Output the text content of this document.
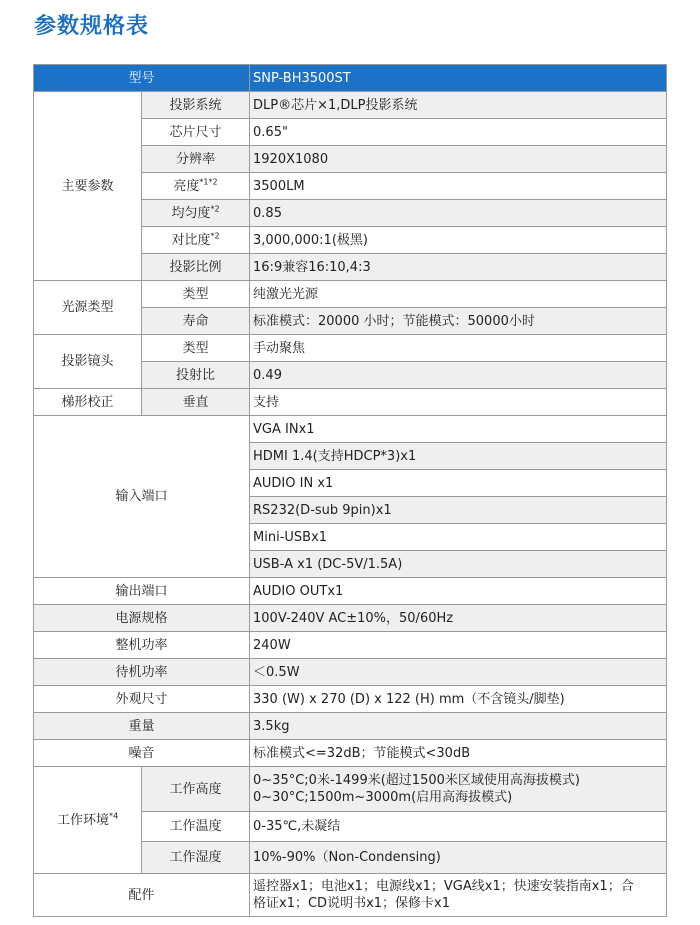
参数规格表
型号		SNP-BH3500ST
主要参数	投影系统	DLP®芯片×1,DLP投影系统
	芯片尺寸	0.65"
	分辨率	1920X1080
	亮度$^{*1*2}$	3500LM
	均匀度$^{*2}$	0.85
	对比度$^{*2}$	3,000,000:1(极黑)
	投影比例	16:9兼容16:10,4:3
光源类型	类型	纯激光光源
	寿命	标准模式：20000 小时；节能模式：50000小时
投影镜头	类型	手动聚焦
	投射比	0.49
梯形校正	垂直	支持
输入端口		VGA INx1
		HDMI 1.4(支持HDCP*3)x1
		AUDIO IN x1
		RS232(D-sub 9pin)x1
		Mini-USBx1
		USB-A x1 (DC-5V/1.5A)
输出端口		AUDIO OUTx1
电源规格		100V-240V AC±10%，50/60Hz
整机功率		240W
待机功率		＜0.5W
外观尺寸		330 (W) x 270 (D) x 122 (H) mm（不含镜头/脚垫)
重量		3.5kg
噪音		标准模式<=32dB；节能模式<30dB
工作环境$^{*4}$	工作高度	0~35°C;0米-1499米(超过1500米区域使用高海拔模式)
0~30°C;1500m~3000m(启用高海拔模式)

	工作温度	0-35℃,未凝结
	工作湿度	10%-90%（Non-Condensing)
配件		遥控器x1；电池x1；电源线x1；VGA线x1；快速安装指南x1；合
格证x1；CD说明书x1；保修卡x1
